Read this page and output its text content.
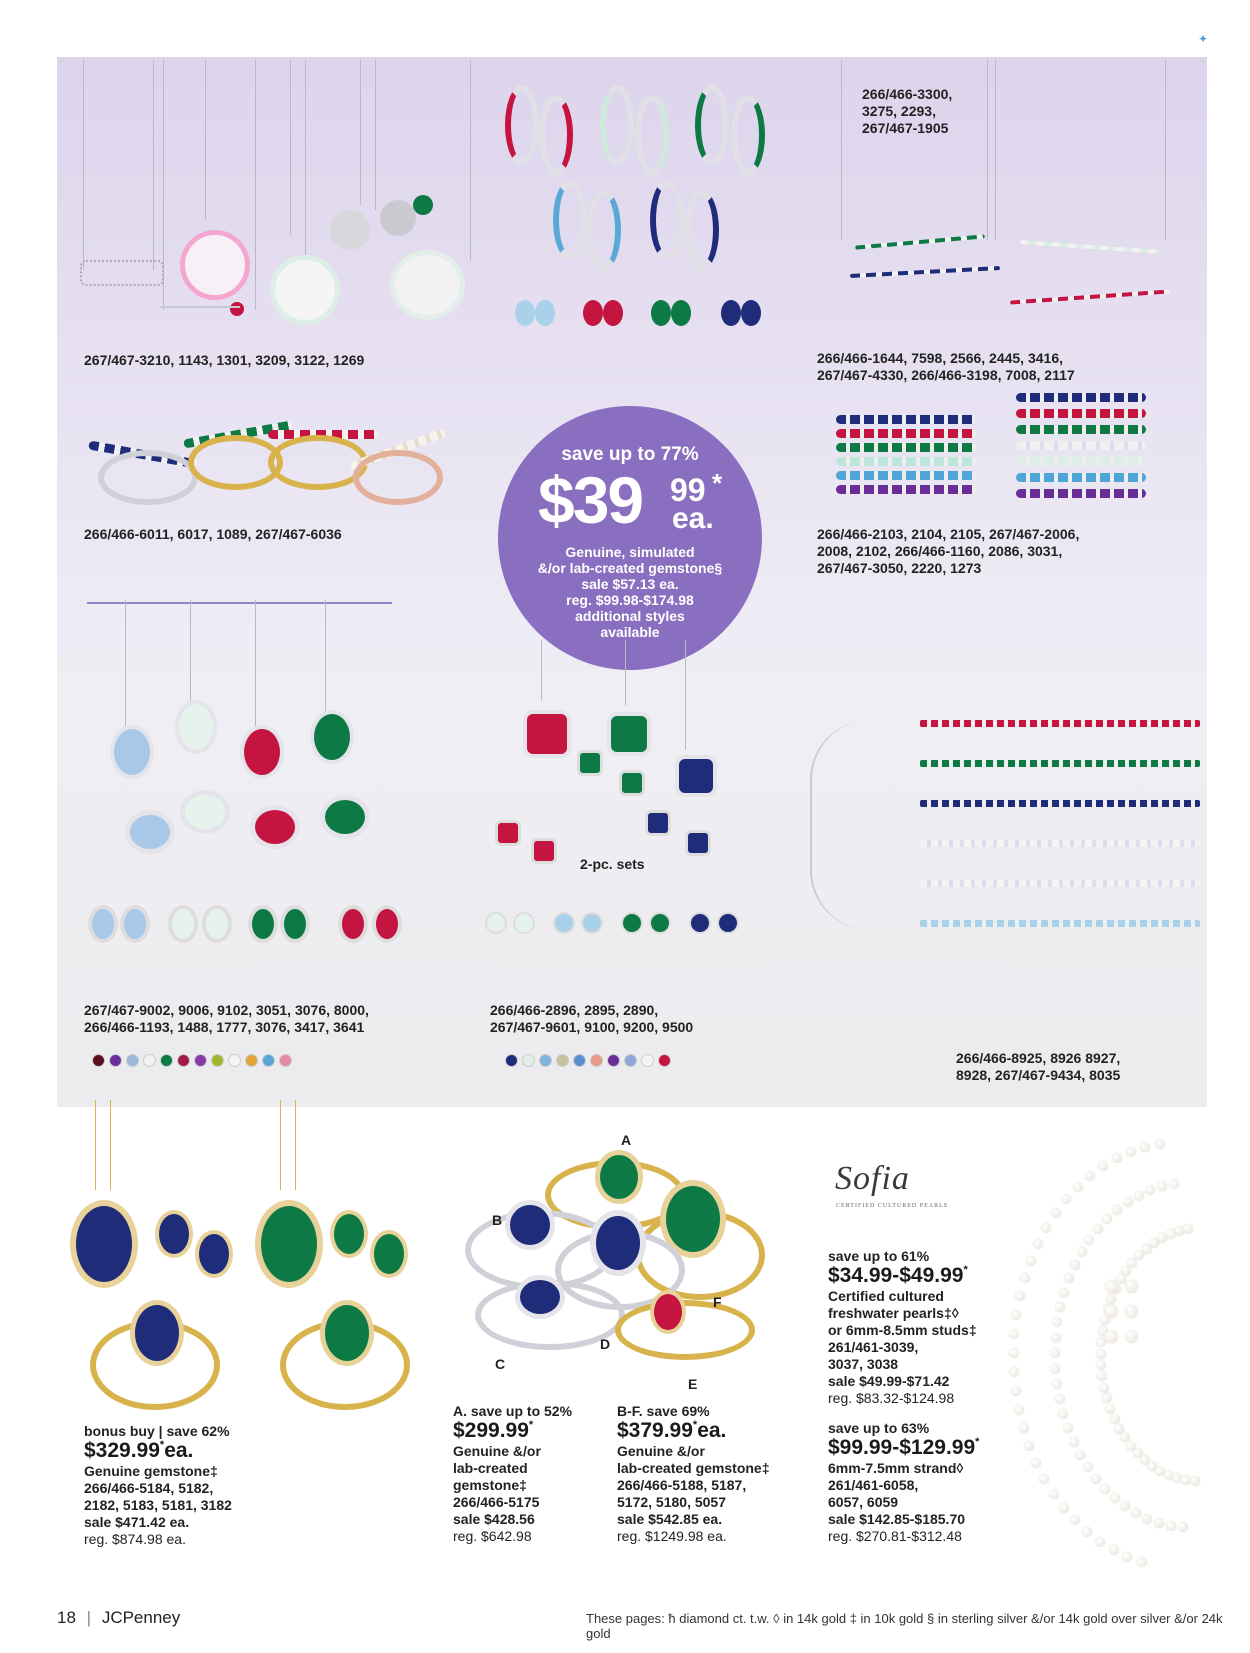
✦
267/467-3210, 1143, 1301, 3209, 3122, 1269
266/466-3300,
3275, 2293,
267/467-1905
266/466-1644, 7598, 2566, 2445, 3416,
267/467-4330, 266/466-3198, 7008, 2117
266/466-6011, 6017, 1089, 267/467-6036
save up to 77%
$39 99 *
ea.
Genuine, simulated
&/or lab-created gemstone§
sale $57.13 ea.
reg. $99.98-$174.98
additional styles
available
266/466-2103, 2104, 2105, 267/467-2006,
2008, 2102, 266/466-1160, 2086, 3031,
267/467-3050, 2220, 1273
267/467-9002, 9006, 9102, 3051, 3076, 8000,
266/466-1193, 1488, 1777, 3076, 3417, 3641
2-pc. sets
266/466-2896, 2895, 2890,
267/467-9601, 9100, 9200, 9500
266/466-8925, 8926 8927,
8928, 267/467-9434, 8035
A
B
C
D
E
F
Sofia
CERTIFIED CULTURED PEARLS
bonus buy | save 62%
$329.99*ea.
Genuine gemstone‡
266/466-5184, 5182,
2182, 5183, 5181, 3182
sale $471.42 ea.
reg. $874.98 ea.
A. save up to 52%
$299.99*
Genuine &/or
lab-created
gemstone‡
266/466-5175
sale $428.56
reg. $642.98
B-F. save 69%
$379.99*ea.
Genuine &/or
lab-created gemstone‡
266/466-5188, 5187,
5172, 5180, 5057
sale $542.85 ea.
reg. $1249.98 ea.
save up to 61%
$34.99-$49.99*
Certified cultured
freshwater pearls‡◊
or 6mm-8.5mm studs‡
261/461-3039,
3037, 3038
sale $49.99-$71.42
reg. $83.32-$124.98
save up to 63%
$99.99-$129.99*
6mm-7.5mm strand◊
261/461-6058,
6057, 6059
sale $142.85-$185.70
reg. $270.81-$312.48
18 | JCPenney	These pages: ħ diamond ct. t.w. ◊ in 14k gold ‡ in 10k gold § in sterling silver &/or 14k gold over silver &/or 24k gold
